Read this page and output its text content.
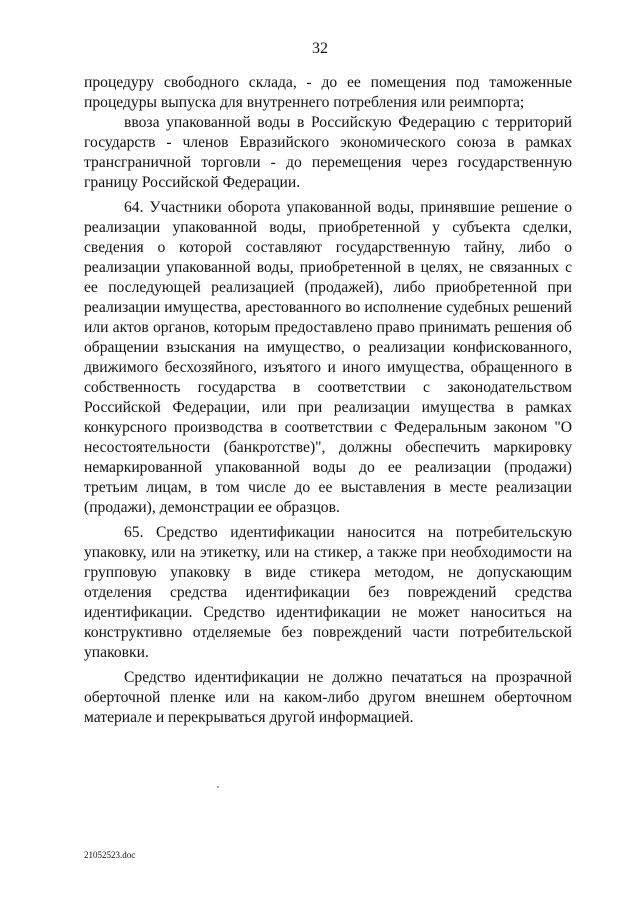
32

процедуру свободного склада, - до ее помещения под таможенные процедуры выпуска для внутреннего потребления или реимпорта;

ввоза упакованной воды в Российскую Федерацию с территорий государств - членов Евразийского экономического союза в рамках трансграничной торговли - до перемещения через государственную границу Российской Федерации.

64. Участники оборота упакованной воды, принявшие решение о реализации упакованной воды, приобретенной у субъекта сделки, сведения о которой составляют государственную тайну, либо о реализации упакованной воды, приобретенной в целях, не связанных с ее последующей реализацией (продажей), либо приобретенной при реализации имущества, арестованного во исполнение судебных решений или актов органов, которым предоставлено право принимать решения об обращении взыскания на имущество, о реализации конфискованного, движимого бесхозяйного, изъятого и иного имущества, обращенного в собственность государства в соответствии с законодательством Российской Федерации, или при реализации имущества в рамках конкурсного производства в соответствии с Федеральным законом "О несостоятельности (банкротстве)", должны обеспечить маркировку немаркированной упакованной воды до ее реализации (продажи) третьим лицам, в том числе до ее выставления в месте реализации (продажи), демонстрации ее образцов.

65. Средство идентификации наносится на потребительскую упаковку, или на этикетку, или на стикер, а также при необходимости на групповую упаковку в виде стикера методом, не допускающим отделения средства идентификации без повреждений средства идентификации. Средство идентификации не может наноситься на конструктивно отделяемые без повреждений части потребительской упаковки.

Средство идентификации не должно печататься на прозрачной оберточной пленке или на каком-либо другом внешнем оберточном материале и перекрываться другой информацией.

21052523.doc
